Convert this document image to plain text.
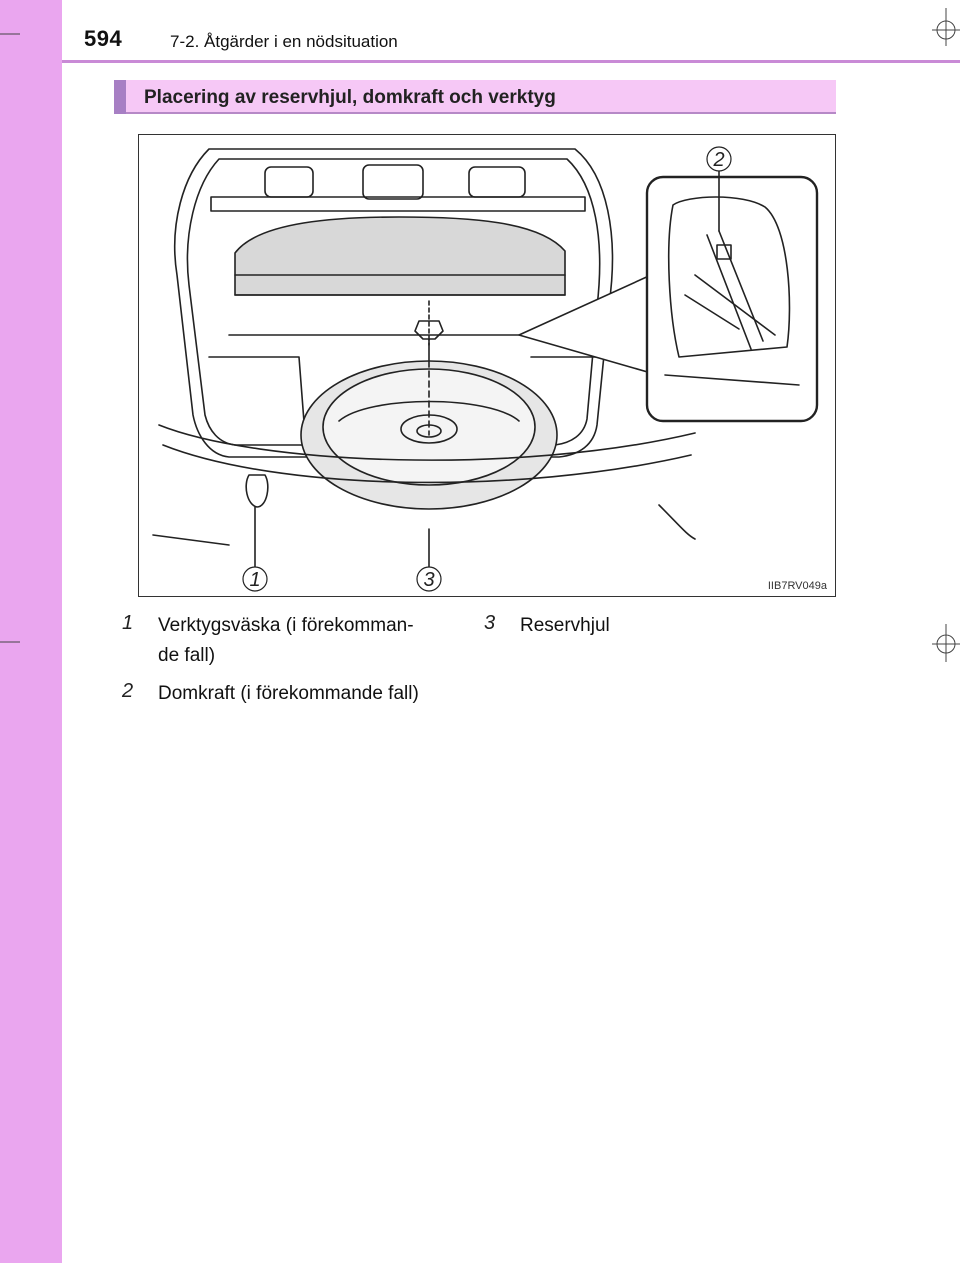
594	7-2. Åtgärder i en nödsituation
Placering av reservhjul, domkraft och verktyg
1	3
2
IIB7RV049a
1 Verktygsväska (i förekomman-
de fall)
2 Domkraft (i förekommande fall)
3 Reservhjul
